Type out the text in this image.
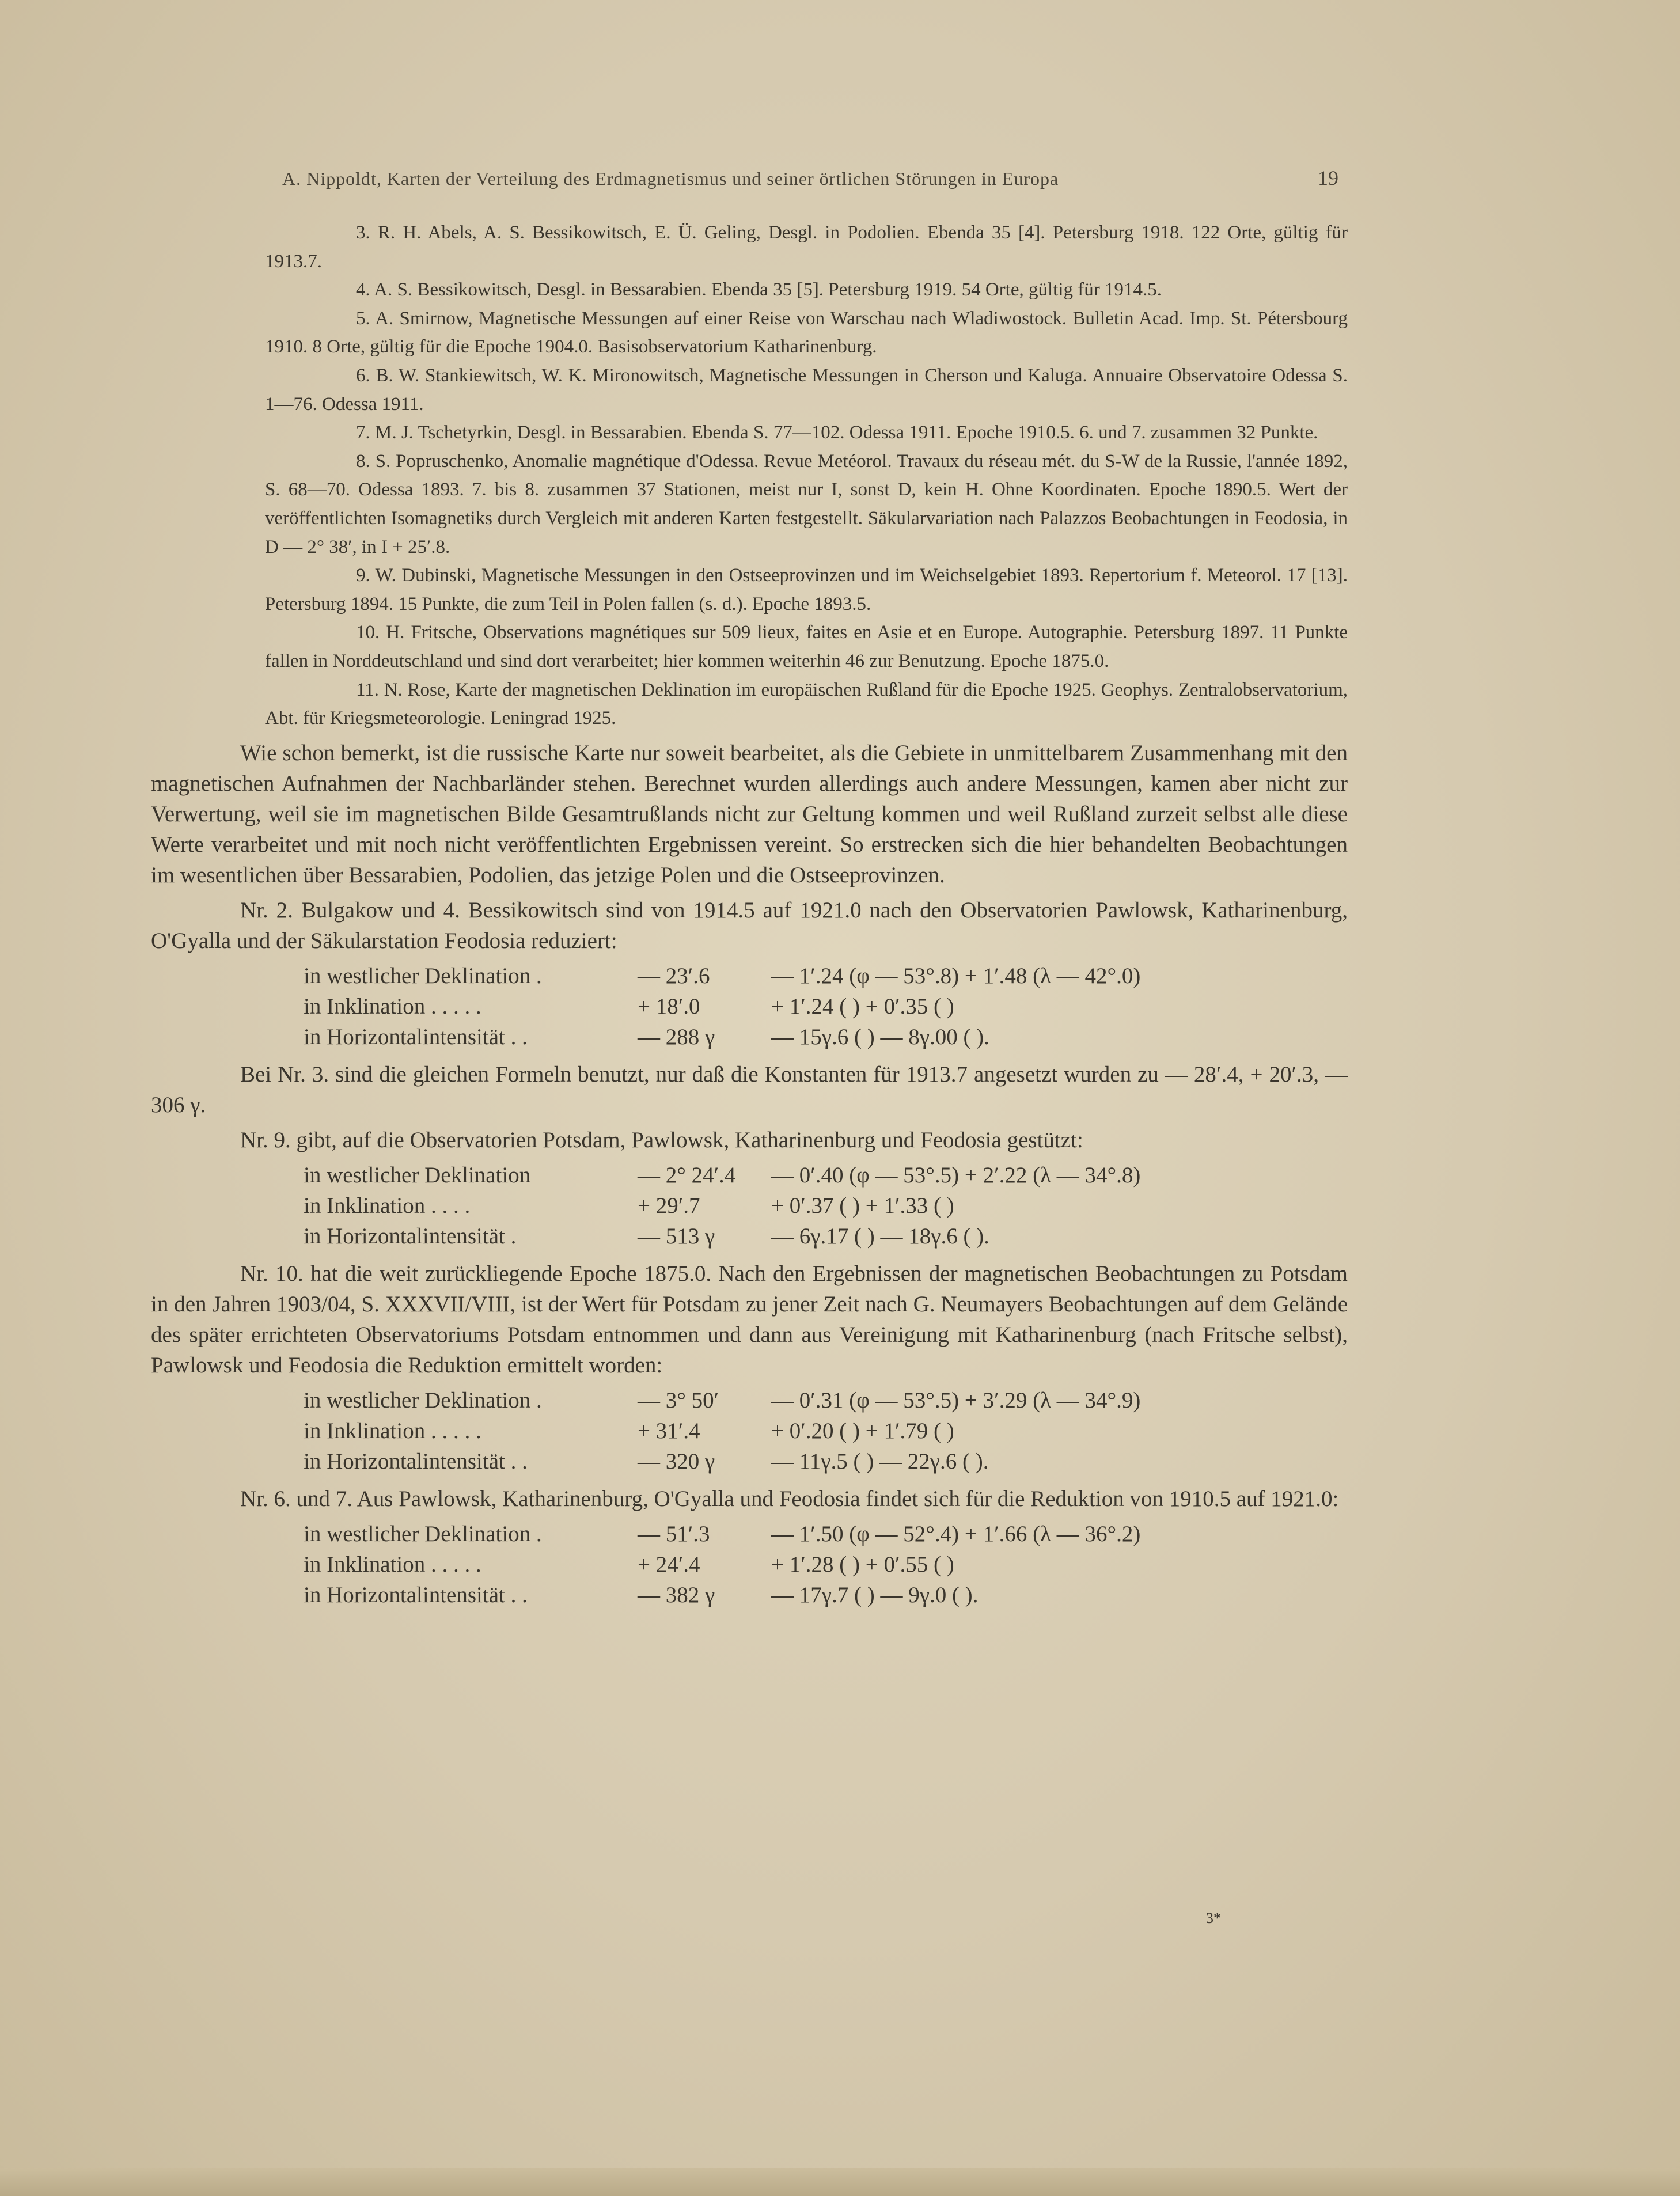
A. Nippoldt, Karten der Verteilung des Erdmagnetismus und seiner örtlichen Störungen in Europa	19

3. R. H. Abels, A. S. Bessikowitsch, E. Ü. Geling, Desgl. in Podolien. Ebenda 35 [4]. Petersburg 1918. 122 Orte, gültig für 1913.7.

4. A. S. Bessikowitsch, Desgl. in Bessarabien. Ebenda 35 [5]. Petersburg 1919. 54 Orte, gültig für 1914.5.

5. A. Smirnow, Magnetische Messungen auf einer Reise von Warschau nach Wladiwostock. Bulletin Acad. Imp. St. Pétersbourg 1910. 8 Orte, gültig für die Epoche 1904.0. Basisobservatorium Katharinenburg.

6. B. W. Stankiewitsch, W. K. Mironowitsch, Magnetische Messungen in Cherson und Kaluga. Annuaire Observatoire Odessa S. 1—76. Odessa 1911.

7. M. J. Tschetyrkin, Desgl. in Bessarabien. Ebenda S. 77—102. Odessa 1911. Epoche 1910.5. 6. und 7. zusammen 32 Punkte.

8. S. Popruschenko, Anomalie magnétique d'Odessa. Revue Metéorol. Travaux du réseau mét. du S-W de la Russie, l'année 1892, S. 68—70. Odessa 1893. 7. bis 8. zusammen 37 Stationen, meist nur I, sonst D, kein H. Ohne Koordinaten. Epoche 1890.5. Wert der veröffentlichten Isomagnetiks durch Vergleich mit anderen Karten festgestellt. Säkularvariation nach Palazzos Beobachtungen in Feodosia, in D — 2° 38′, in I + 25′.8.

9. W. Dubinski, Magnetische Messungen in den Ostseeprovinzen und im Weichselgebiet 1893. Repertorium f. Meteorol. 17 [13]. Petersburg 1894. 15 Punkte, die zum Teil in Polen fallen (s. d.). Epoche 1893.5.

10. H. Fritsche, Observations magnétiques sur 509 lieux, faites en Asie et en Europe. Autographie. Petersburg 1897. 11 Punkte fallen in Norddeutschland und sind dort verarbeitet; hier kommen weiterhin 46 zur Benutzung. Epoche 1875.0.

11. N. Rose, Karte der magnetischen Deklination im europäischen Rußland für die Epoche 1925. Geophys. Zentralobservatorium, Abt. für Kriegsmeteorologie. Leningrad 1925.

Wie schon bemerkt, ist die russische Karte nur soweit bearbeitet, als die Gebiete in unmittelbarem Zusammenhang mit den magnetischen Aufnahmen der Nachbarländer stehen. Berechnet wurden allerdings auch andere Messungen, kamen aber nicht zur Verwertung, weil sie im magnetischen Bilde Gesamtrußlands nicht zur Geltung kommen und weil Rußland zurzeit selbst alle diese Werte verarbeitet und mit noch nicht veröffentlichten Ergebnissen vereint. So erstrecken sich die hier behandelten Beobachtungen im wesentlichen über Bessarabien, Podolien, das jetzige Polen und die Ostseeprovinzen.

Nr. 2. Bulgakow und 4. Bessikowitsch sind von 1914.5 auf 1921.0 nach den Observatorien Pawlowsk, Katharinenburg, O'Gyalla und der Säkularstation Feodosia reduziert:

in westlicher Deklination .	— 23′.6	— 1′.24 (φ — 53°.8) + 1′.48 (λ — 42°.0)
in Inklination . . . . .	+ 18′.0	+ 1′.24 ( ) + 0′.35 ( )
in Horizontalintensität . .	— 288 γ	— 15γ.6 ( ) — 8γ.00 ( ).

Bei Nr. 3. sind die gleichen Formeln benutzt, nur daß die Konstanten für 1913.7 angesetzt wurden zu — 28′.4, + 20′.3, — 306 γ.

Nr. 9. gibt, auf die Observatorien Potsdam, Pawlowsk, Katharinenburg und Feodosia gestützt:

in westlicher Deklination	— 2° 24′.4	— 0′.40 (φ — 53°.5) + 2′.22 (λ — 34°.8)
in Inklination . . . .	+ 29′.7	+ 0′.37 ( ) + 1′.33 ( )
in Horizontalintensität .	— 513 γ	— 6γ.17 ( ) — 18γ.6 ( ).

Nr. 10. hat die weit zurückliegende Epoche 1875.0. Nach den Ergebnissen der magnetischen Beobachtungen zu Potsdam in den Jahren 1903/04, S. XXXVII/VIII, ist der Wert für Potsdam zu jener Zeit nach G. Neumayers Beobachtungen auf dem Gelände des später errichteten Observatoriums Potsdam entnommen und dann aus Vereinigung mit Katharinenburg (nach Fritsche selbst), Pawlowsk und Feodosia die Reduktion ermittelt worden:

in westlicher Deklination .	— 3° 50′	— 0′.31 (φ — 53°.5) + 3′.29 (λ — 34°.9)
in Inklination . . . . .	+ 31′.4	+ 0′.20 ( ) + 1′.79 ( )
in Horizontalintensität . .	— 320 γ	— 11γ.5 ( ) — 22γ.6 ( ).

Nr. 6. und 7. Aus Pawlowsk, Katharinenburg, O'Gyalla und Feodosia findet sich für die Reduktion von 1910.5 auf 1921.0:

in westlicher Deklination .	— 51′.3	— 1′.50 (φ — 52°.4) + 1′.66 (λ — 36°.2)
in Inklination . . . . .	+ 24′.4	+ 1′.28 ( ) + 0′.55 ( )
in Horizontalintensität . .	— 382 γ	— 17γ.7 ( ) — 9γ.0 ( ).
3*
